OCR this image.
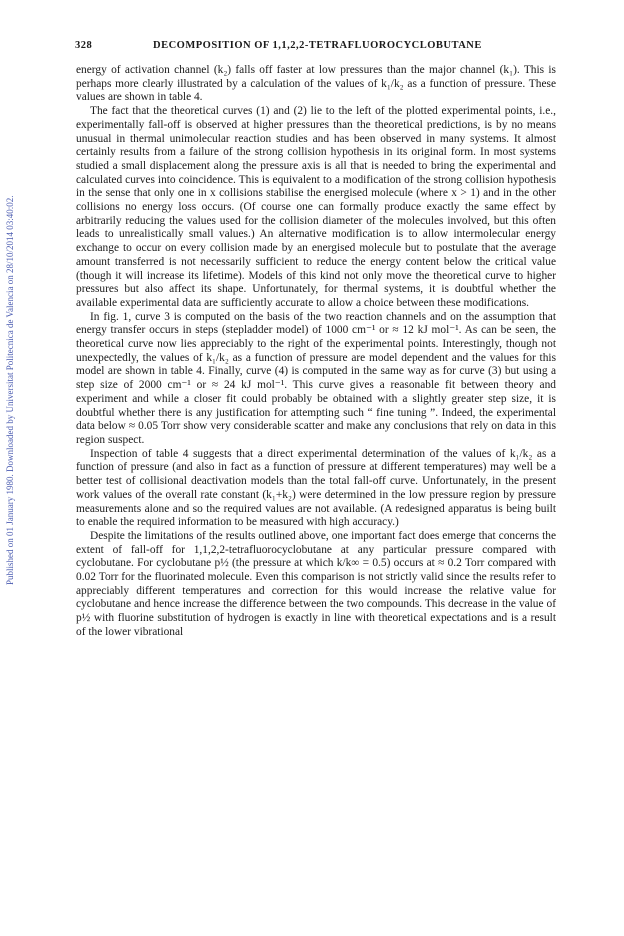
328	DECOMPOSITION OF 1,1,2,2-TETRAFLUOROCYCLOBUTANE
Published on 01 January 1980. Downloaded by Universitat Politecnica de Valencia on 28/10/2014 03:40:02.

energy of activation channel (k₂) falls off faster at low pressures than the major channel (k₁). This is perhaps more clearly illustrated by a calculation of the values of k₁/k₂ as a function of pressure. These values are shown in table 4.

The fact that the theoretical curves (1) and (2) lie to the left of the plotted experimental points, i.e., experimentally fall-off is observed at higher pressures than the theoretical predictions, is by no means unusual in thermal unimolecular reaction studies and has been observed in many systems. It almost certainly results from a failure of the strong collision hypothesis in its original form. In most systems studied a small displacement along the pressure axis is all that is needed to bring the experimental and calculated curves into coincidence. This is equivalent to a modification of the strong collision hypothesis in the sense that only one in x collisions stabilise the energised molecule (where x > 1) and in the other collisions no energy loss occurs. (Of course one can formally produce exactly the same effect by arbitrarily reducing the values used for the collision diameter of the molecules involved, but this often leads to unrealistically small values.) An alternative modification is to allow intermolecular energy exchange to occur on every collision made by an energised molecule but to postulate that the average amount transferred is not necessarily sufficient to reduce the energy content below the critical value (though it will increase its lifetime). Models of this kind not only move the theoretical curve to higher pressures but also affect its shape. Unfortunately, for thermal systems, it is doubtful whether the available experimental data are sufficiently accurate to allow a choice between these modifications.

In fig. 1, curve 3 is computed on the basis of the two reaction channels and on the assumption that energy transfer occurs in steps (stepladder model) of 1000 cm⁻¹ or ≈ 12 kJ mol⁻¹. As can be seen, the theoretical curve now lies appreciably to the right of the experimental points. Interestingly, though not unexpectedly, the values of k₁/k₂ as a function of pressure are model dependent and the values for this model are shown in table 4. Finally, curve (4) is computed in the same way as for curve (3) but using a step size of 2000 cm⁻¹ or ≈ 24 kJ mol⁻¹. This curve gives a reasonable fit between theory and experiment and while a closer fit could probably be obtained with a slightly greater step size, it is doubtful whether there is any justification for attempting such “ fine tuning ”. Indeed, the experimental data below ≈ 0.05 Torr show very considerable scatter and make any conclusions that rely on data in this region suspect.

Inspection of table 4 suggests that a direct experimental determination of the values of k₁/k₂ as a function of pressure (and also in fact as a function of pressure at different temperatures) may well be a better test of collisional deactivation models than the total fall-off curve. Unfortunately, in the present work values of the overall rate constant (k₁+k₂) were determined in the low pressure region by pressure measurements alone and so the required values are not available. (A redesigned apparatus is being built to enable the required information to be measured with high accuracy.)

Despite the limitations of the results outlined above, one important fact does emerge that concerns the extent of fall-off for 1,1,2,2-tetrafluorocyclobutane at any particular pressure compared with cyclobutane. For cyclobutane p½ (the pressure at which k/k∞ = 0.5) occurs at ≈ 0.2 Torr compared with 0.02 Torr for the fluorinated molecule. Even this comparison is not strictly valid since the results refer to appreciably different temperatures and correction for this would increase the relative value for cyclobutane and hence increase the difference between the two compounds. This decrease in the value of p½ with fluorine substitution of hydrogen is exactly in line with theoretical expectations and is a result of the lower vibrational
